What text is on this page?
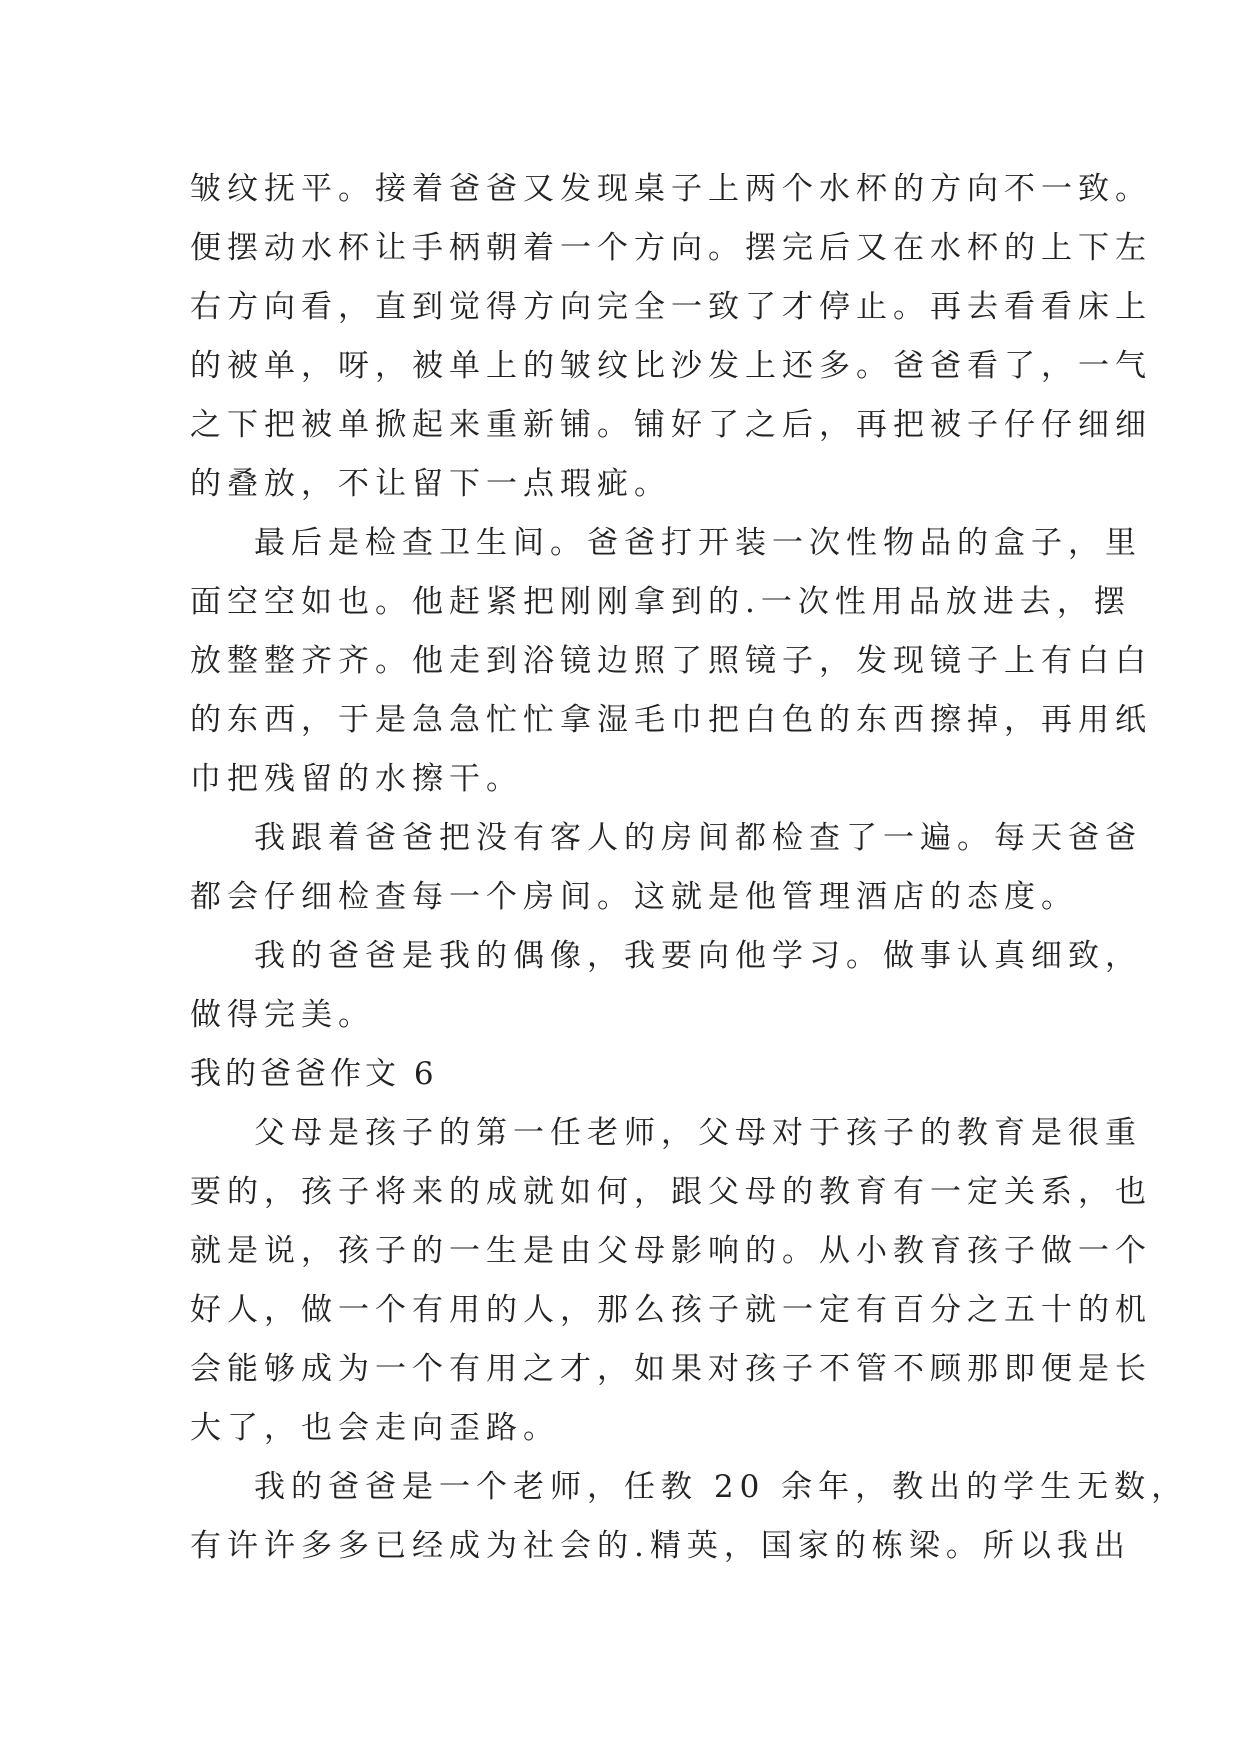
皱纹抚平。接着爸爸又发现桌子上两个水杯的方向不一致。
便摆动水杯让手柄朝着一个方向。摆完后又在水杯的上下左
右方向看，直到觉得方向完全一致了才停止。再去看看床上
的被单，呀，被单上的皱纹比沙发上还多。爸爸看了，一气
之下把被单掀起来重新铺。铺好了之后，再把被子仔仔细细
的叠放，不让留下一点瑕疵。
最后是检查卫生间。爸爸打开装一次性物品的盒子，里
面空空如也。他赶紧把刚刚拿到的.一次性用品放进去，摆
放整整齐齐。他走到浴镜边照了照镜子，发现镜子上有白白
的东西，于是急急忙忙拿湿毛巾把白色的东西擦掉，再用纸
巾把残留的水擦干。
我跟着爸爸把没有客人的房间都检查了一遍。每天爸爸
都会仔细检查每一个房间。这就是他管理酒店的态度。
我的爸爸是我的偶像，我要向他学习。做事认真细致，
做得完美。
我的爸爸作文 6
父母是孩子的第一任老师，父母对于孩子的教育是很重
要的，孩子将来的成就如何，跟父母的教育有一定关系，也
就是说，孩子的一生是由父母影响的。从小教育孩子做一个
好人，做一个有用的人，那么孩子就一定有百分之五十的机
会能够成为一个有用之才，如果对孩子不管不顾那即便是长
大了，也会走向歪路。
我的爸爸是一个老师，任教 20 余年，教出的学生无数，
有许许多多已经成为社会的.精英，国家的栋梁。所以我出
